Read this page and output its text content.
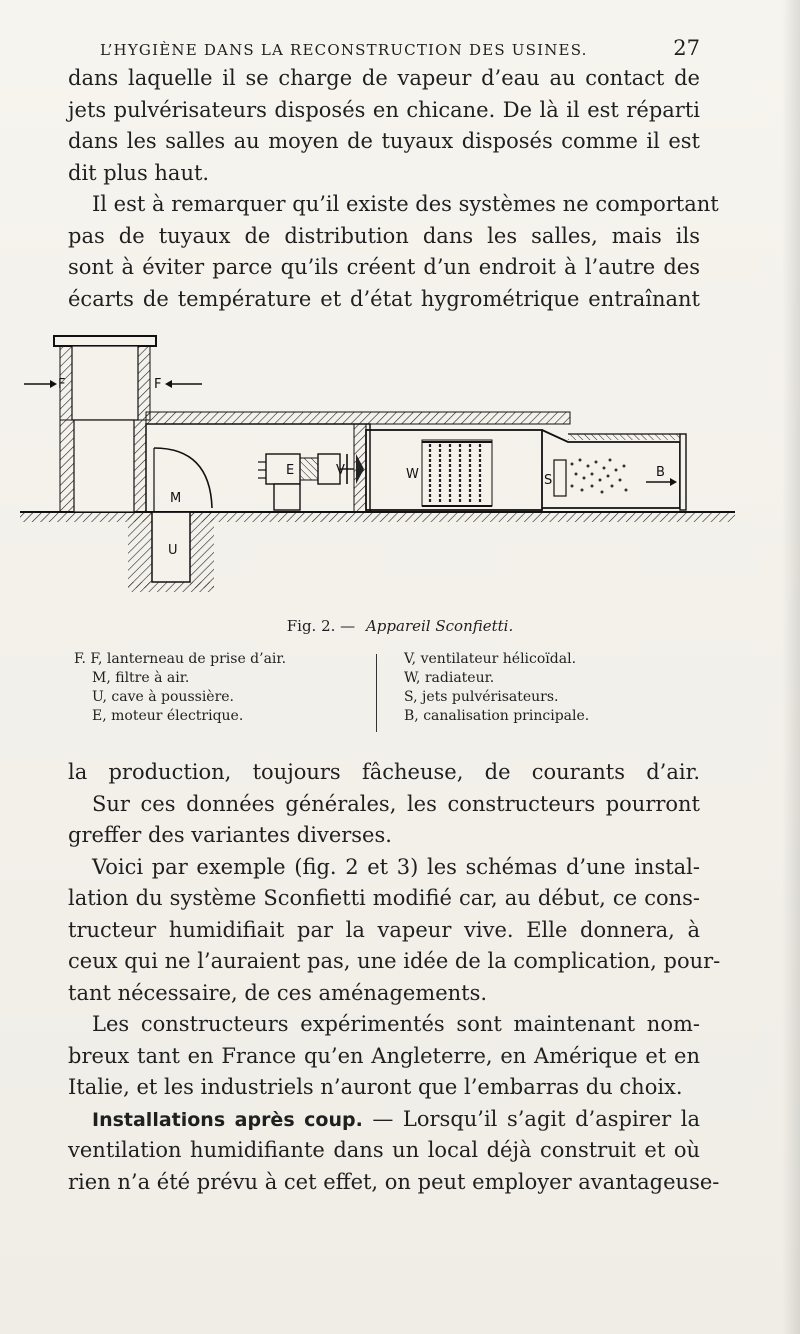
L’HYGIÈNE DANS LA RECONSTRUCTION DES USINES.	27
dans laquelle il se charge de vapeur d’eau au contact de
jets pulvérisateurs disposés en chicane. De là il est réparti
dans les salles au moyen de tuyaux disposés comme il est
dit plus haut.
Il est à remarquer qu’il existe des systèmes ne comportant
pas de tuyaux de distribution dans les salles, mais ils
sont à éviter parce qu’ils créent d’un endroit à l’autre des
écarts de température et d’état hygrométrique entraînant
F	F
M
U
E	V	W	S
B
Fig. 2. — Appareil Sconfietti.
F. F, lanterneau de prise d’air.
M, filtre à air.
U, cave à poussière.
E, moteur électrique.
V, ventilateur hélicoïdal.
W, radiateur.
S, jets pulvérisateurs.
B, canalisation principale.
la production, toujours fâcheuse, de courants d’air.
Sur ces données générales, les constructeurs pourront
greffer des variantes diverses.
Voici par exemple (fig. 2 et 3) les schémas d’une instal-
lation du système Sconfietti modifié car, au début, ce cons-
tructeur humidifiait par la vapeur vive. Elle donnera, à
ceux qui ne l’auraient pas, une idée de la complication, pour-
tant nécessaire, de ces aménagements.
Les constructeurs expérimentés sont maintenant nom-
breux tant en France qu’en Angleterre, en Amérique et en
Italie, et les industriels n’auront que l’embarras du choix.
Installations après coup. — Lorsqu’il s’agit d’aspirer la
ventilation humidifiante dans un local déjà construit et où
rien n’a été prévu à cet effet, on peut employer avantageuse-
